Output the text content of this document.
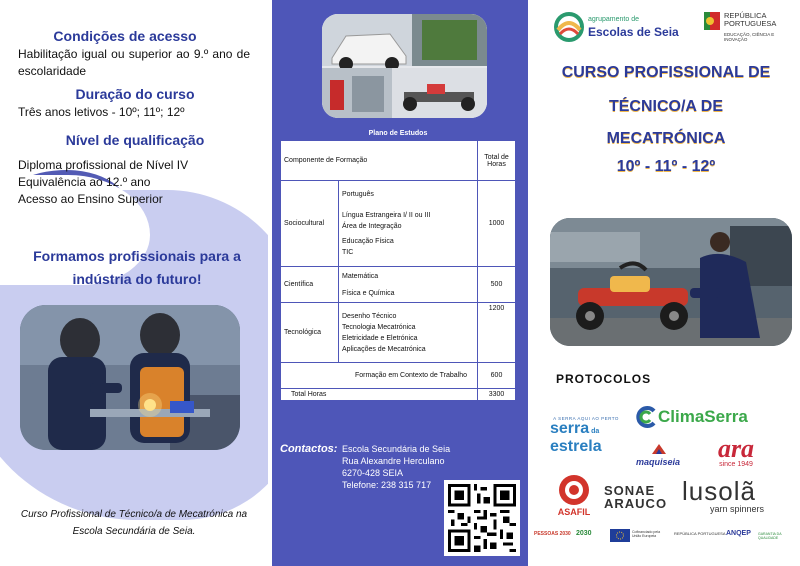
Condições de acesso
Habilitação igual ou superior ao 9.º ano de escolaridade
Duração do curso
Três anos letivos - 10º; 11º; 12º
Nível de qualificação
Diploma profissional de Nível IV
Equivalência ao 12.º ano
Acesso ao Ensino Superior
Formamos profissionais para a indústria do futuro!
Curso Profissional de Técnico/a de Mecatrónica na Escola Secundária de Seia.
Plano de Estudos		
Componente de Formação		Total de Horas
Sociocultural	Português
Língua Estrangeira I/ II ou III
Área de Integração
Educação Física
TIC	1000
Científica	Matemática
Física e Química	500
Tecnológica	Desenho Técnico
Tecnologia Mecatrónica
Eletricidade e Eletrónica
Aplicações de Mecatrónica	1200
Formação em Contexto de Trabalho		600
Total Horas		3300
Contactos: Escola Secundária de Seia
Rua Alexandre Herculano
6270-428 SEIA
Telefone: 238 315 717
agrupamento de
Escolas de Seia
REPÚBLICA
PORTUGUESA
EDUCAÇÃO, CIÊNCIA E INOVAÇÃO
CURSO PROFISSIONAL DE
TÉCNICO/A DE
MECATRÓNICA
10º - 11º - 12º
PROTOCOLOS
A SERRA AQUI AO PERTO
serra da
estrela
ClimaSerra
maquiseia	ara
since 1949
ASAFIL
SONAE
ARAUCO lusolã
yarn spinners
PESSOAS 2030 2030	Cofinanciado pela União Europeia	REPÚBLICA PORTUGUESA ANQEP GARANTIA DA QUALIDADE
